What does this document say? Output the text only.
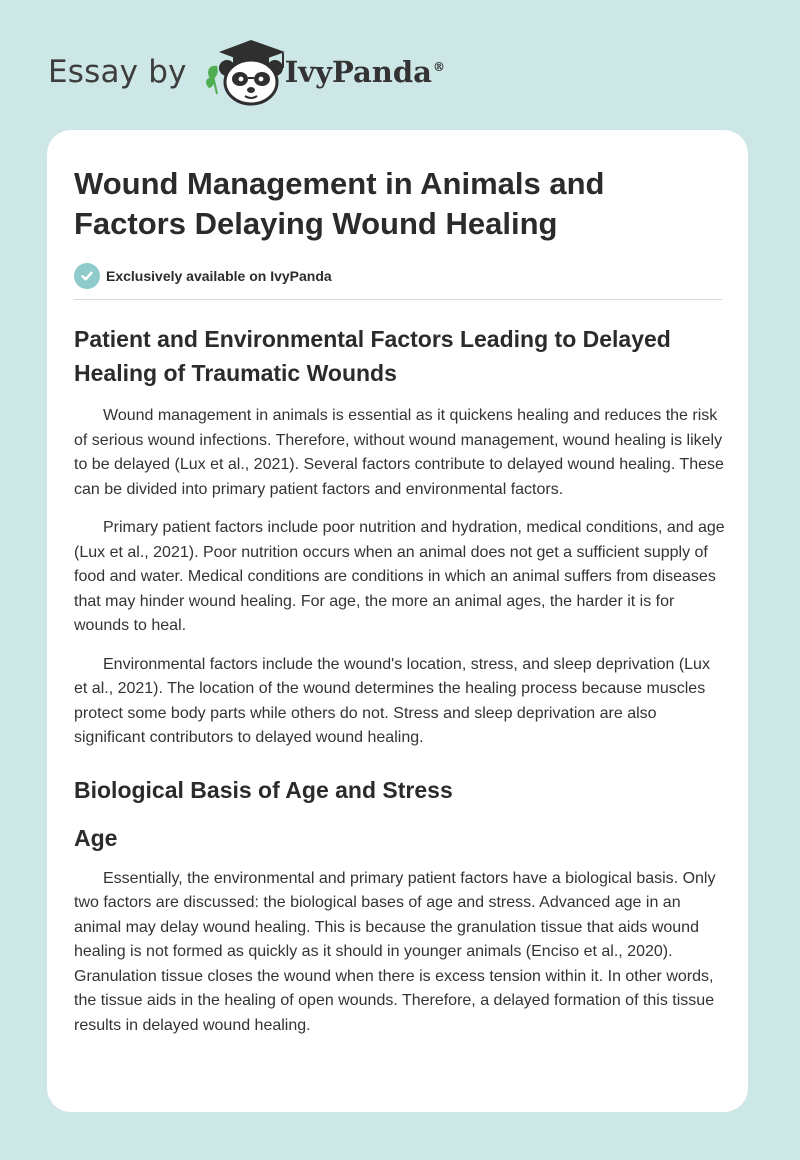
Essay by	IvyPanda®
Wound Management in Animals and Factors Delaying Wound Healing
Exclusively available on IvyPanda
Patient and Environmental Factors Leading to Delayed Healing of Traumatic Wounds

Wound management in animals is essential as it quickens healing and reduces the risk of serious wound infections. Therefore, without wound management, wound healing is likely to be delayed (Lux et al., 2021). Several factors contribute to delayed wound healing. These can be divided into primary patient factors and environmental factors.

Primary patient factors include poor nutrition and hydration, medical conditions, and age (Lux et al., 2021). Poor nutrition occurs when an animal does not get a sufficient supply of food and water. Medical conditions are conditions in which an animal suffers from diseases that may hinder wound healing. For age, the more an animal ages, the harder it is for wounds to heal.

Environmental factors include the wound's location, stress, and sleep deprivation (Lux et al., 2021). The location of the wound determines the healing process because muscles protect some body parts while others do not. Stress and sleep deprivation are also significant contributors to delayed wound healing.

Biological Basis of Age and Stress
Age

Essentially, the environmental and primary patient factors have a biological basis. Only two factors are discussed: the biological bases of age and stress. Advanced age in an animal may delay wound healing. This is because the granulation tissue that aids wound healing is not formed as quickly as it should in younger animals (Enciso et al., 2020). Granulation tissue closes the wound when there is excess tension within it. In other words, the tissue aids in the healing of open wounds. Therefore, a delayed formation of this tissue results in delayed wound healing.
